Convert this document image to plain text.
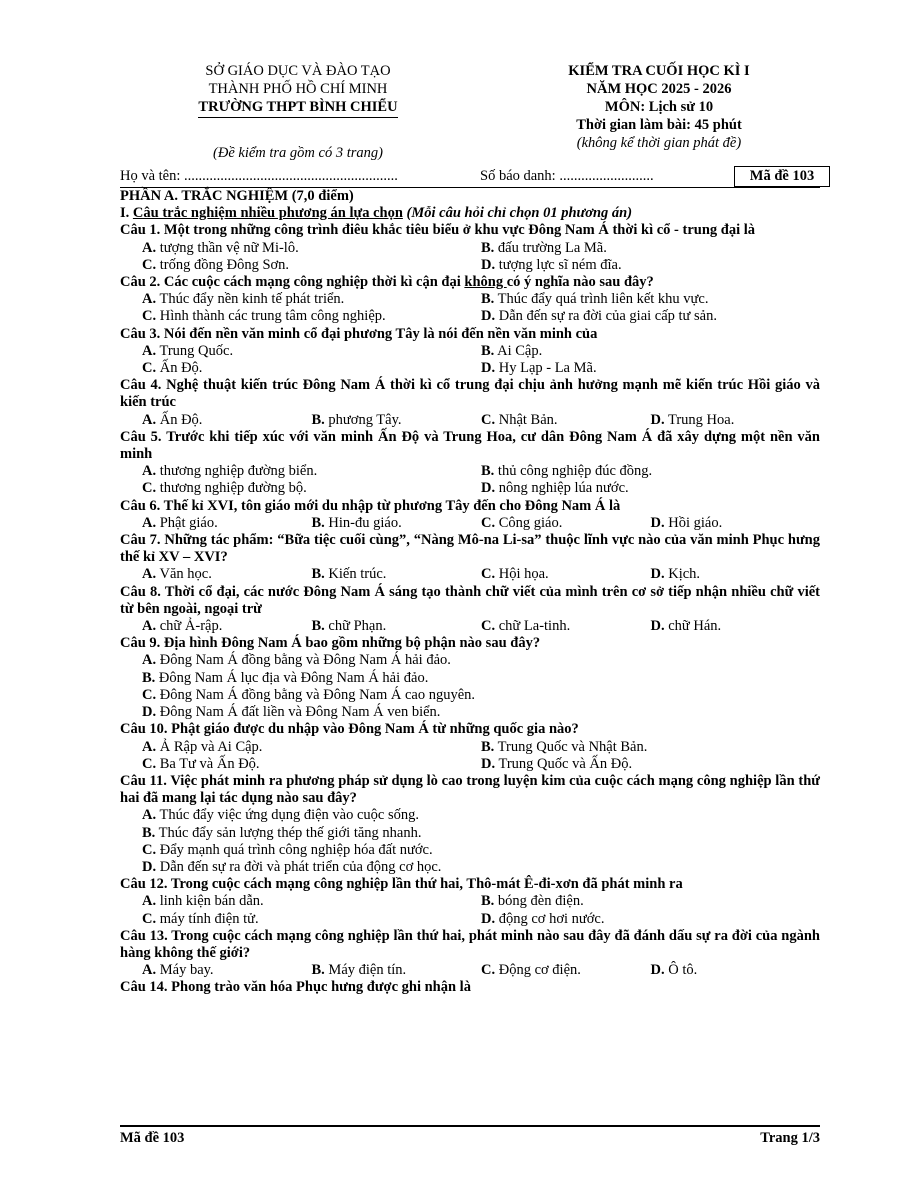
SỞ GIÁO DỤC VÀ ĐÀO TẠO
THÀNH PHỐ HỒ CHÍ MINH
TRƯỜNG THPT BÌNH CHIỂU
KIỂM TRA CUỐI HỌC KÌ I
NĂM HỌC 2025 - 2026
MÔN: Lịch sử 10
Thời gian làm bài: 45 phút
(không kể thời gian phát đề)
(Đề kiểm tra gồm có 3 trang)
Họ và tên: ...........................................................	Số báo danh: ..........................	Mã đề 103

PHẦN A. TRẮC NGHIỆM (7,0 điểm)

I. Câu trắc nghiệm nhiều phương án lựa chọn (Mỗi câu hỏi chỉ chọn 01 phương án)

Câu 1. Một trong những công trình điêu khắc tiêu biểu ở khu vực Đông Nam Á thời kì cổ - trung đại là

A. tượng thần vệ nữ Mi-lô.	B. đấu trường La Mã.
C. trống đồng Đông Sơn.	D. tượng lực sĩ ném đĩa.

Câu 2. Các cuộc cách mạng công nghiệp thời kì cận đại không có ý nghĩa nào sau đây?

A. Thúc đẩy nền kinh tế phát triển.	B. Thúc đẩy quá trình liên kết khu vực.
C. Hình thành các trung tâm công nghiệp.	D. Dẫn đến sự ra đời của giai cấp tư sản.

Câu 3. Nói đến nền văn minh cổ đại phương Tây là nói đến nền văn minh của

A. Trung Quốc.	B. Ai Cập.
C. Ấn Độ.	D. Hy Lạp - La Mã.

Câu 4. Nghệ thuật kiến trúc Đông Nam Á thời kì cổ trung đại chịu ảnh hưởng mạnh mẽ kiến trúc Hồi giáo và kiến trúc

A. Ấn Độ.	B. phương Tây.	C. Nhật Bản.	D. Trung Hoa.

Câu 5. Trước khi tiếp xúc với văn minh Ấn Độ và Trung Hoa, cư dân Đông Nam Á đã xây dựng một nền văn minh

A. thương nghiệp đường biển.	B. thủ công nghiệp đúc đồng.
C. thương nghiệp đường bộ.	D. nông nghiệp lúa nước.

Câu 6. Thế kỉ XVI, tôn giáo mới du nhập từ phương Tây đến cho Đông Nam Á là

A. Phật giáo.	B. Hin-đu giáo.	C. Công giáo.	D. Hồi giáo.

Câu 7. Những tác phẩm: “Bữa tiệc cuối cùng”, “Nàng Mô-na Li-sa” thuộc lĩnh vực nào của văn minh Phục hưng thế kỉ XV – XVI?

A. Văn học.	B. Kiến trúc.	C. Hội họa.	D. Kịch.

Câu 8. Thời cổ đại, các nước Đông Nam Á sáng tạo thành chữ viết của mình trên cơ sở tiếp nhận nhiều chữ viết từ bên ngoài, ngoại trừ

A. chữ Ả-rập.	B. chữ Phạn.	C. chữ La-tinh.	D. chữ Hán.

Câu 9. Địa hình Đông Nam Á bao gồm những bộ phận nào sau đây?

A. Đông Nam Á đồng bằng và Đông Nam Á hải đảo.
B. Đông Nam Á lục địa và Đông Nam Á hải đảo.
C. Đông Nam Á đồng bằng và Đông Nam Á cao nguyên.
D. Đông Nam Á đất liền và Đông Nam Á ven biển.

Câu 10. Phật giáo được du nhập vào Đông Nam Á từ những quốc gia nào?

A. Ả Rập và Ai Cập.	B. Trung Quốc và Nhật Bản.
C. Ba Tư và Ấn Độ.	D. Trung Quốc và Ấn Độ.

Câu 11. Việc phát minh ra phương pháp sử dụng lò cao trong luyện kim của cuộc cách mạng công nghiệp lần thứ hai đã mang lại tác dụng nào sau đây?

A. Thúc đẩy việc ứng dụng điện vào cuộc sống.
B. Thúc đẩy sản lượng thép thế giới tăng nhanh.
C. Đẩy mạnh quá trình công nghiệp hóa đất nước.
D. Dẫn đến sự ra đời và phát triển của động cơ học.

Câu 12. Trong cuộc cách mạng công nghiệp lần thứ hai, Thô-mát Ê-đi-xơn đã phát minh ra

A. linh kiện bán dẫn.	B. bóng đèn điện.
C. máy tính điện tử.	D. động cơ hơi nước.

Câu 13. Trong cuộc cách mạng công nghiệp lần thứ hai, phát minh nào sau đây đã đánh dấu sự ra đời của ngành hàng không thế giới?

A. Máy bay.	B. Máy điện tín.	C. Động cơ điện.	D. Ô tô.

Câu 14. Phong trào văn hóa Phục hưng được ghi nhận là

Mã đề 103	Trang 1/3
